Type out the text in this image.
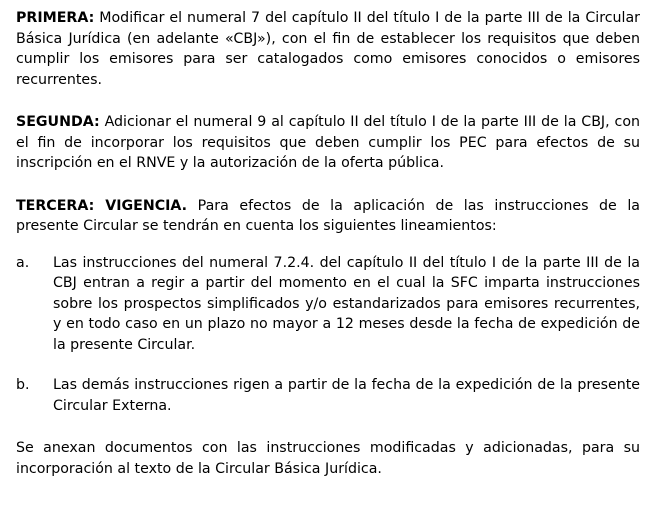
PRIMERA: Modificar el numeral 7 del capítulo II del título I de la parte III de la Circular Básica Jurídica (en adelante «CBJ»), con el fin de establecer los requisitos que deben cumplir los emisores para ser catalogados como emisores conocidos o emisores recurrentes.

SEGUNDA: Adicionar el numeral 9 al capítulo II del título I de la parte III de la CBJ, con el fin de incorporar los requisitos que deben cumplir los PEC para efectos de su inscripción en el RNVE y la autorización de la oferta pública.

TERCERA: VIGENCIA. Para efectos de la aplicación de las instrucciones de la presente Circular se tendrán en cuenta los siguientes lineamientos:

a.	Las instrucciones del numeral 7.2.4. del capítulo II del título I de la parte III de la CBJ entran a regir a partir del momento en el cual la SFC imparta instrucciones sobre los prospectos simplificados y/o estandarizados para emisores recurrentes, y en todo caso en un plazo no mayor a 12 meses desde la fecha de expedición de la presente Circular.
b.	Las demás instrucciones rigen a partir de la fecha de la expedición de la presente Circular Externa.

Se anexan documentos con las instrucciones modificadas y adicionadas, para su incorporación al texto de la Circular Básica Jurídica.
